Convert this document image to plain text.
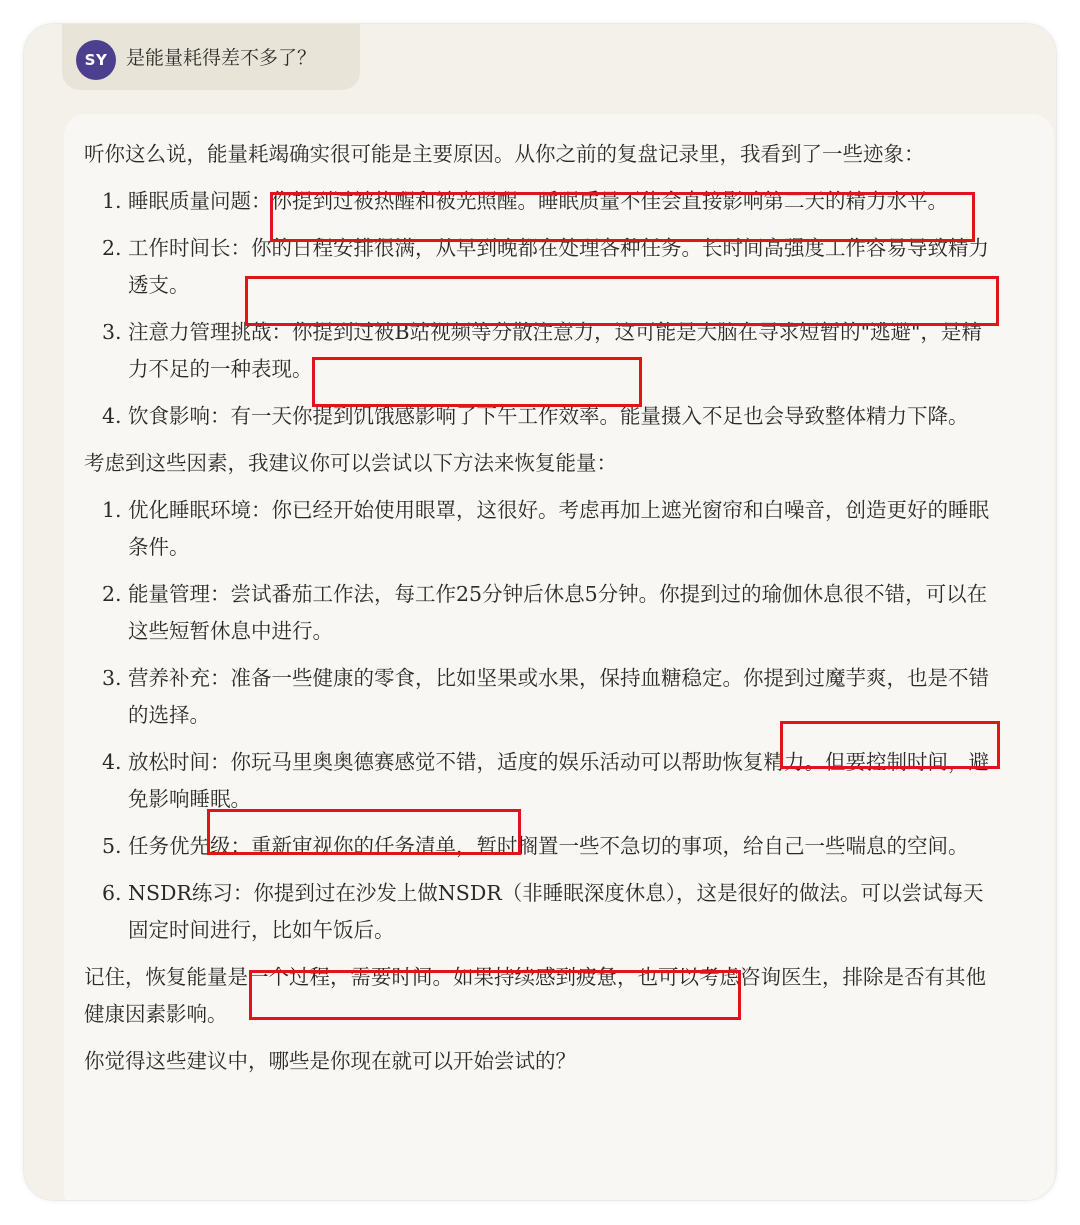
SY 是能量耗得差不多了？

听你这么说，能量耗竭确实很可能是主要原因。从你之前的复盘记录里，我看到了一些迹象：

1. 睡眠质量问题：你提到过被热醒和被光照醒。睡眠质量不佳会直接影响第二天的精力水平。
2. 工作时间长：你的日程安排很满，从早到晚都在处理各种任务。长时间高强度工作容易导致精力透支。
3. 注意力管理挑战：你提到过被B站视频等分散注意力，这可能是大脑在寻求短暂的"逃避"，是精力不足的一种表现。
4. 饮食影响：有一天你提到饥饿感影响了下午工作效率。能量摄入不足也会导致整体精力下降。

考虑到这些因素，我建议你可以尝试以下方法来恢复能量：

1. 优化睡眠环境：你已经开始使用眼罩，这很好。考虑再加上遮光窗帘和白噪音，创造更好的睡眠条件。
2. 能量管理：尝试番茄工作法，每工作25分钟后休息5分钟。你提到过的瑜伽休息很不错，可以在这些短暂休息中进行。
3. 营养补充：准备一些健康的零食，比如坚果或水果，保持血糖稳定。你提到过魔芋爽，也是不错的选择。
4. 放松时间：你玩马里奥奥德赛感觉不错，适度的娱乐活动可以帮助恢复精力。但要控制时间，避免影响睡眠。
5. 任务优先级：重新审视你的任务清单，暂时搁置一些不急切的事项，给自己一些喘息的空间。
6. NSDR练习：你提到过在沙发上做NSDR（非睡眠深度休息），这是很好的做法。可以尝试每天固定时间进行，比如午饭后。

记住，恢复能量是一个过程，需要时间。如果持续感到疲惫，也可以考虑咨询医生，排除是否有其他健康因素影响。

你觉得这些建议中，哪些是你现在就可以开始尝试的？
